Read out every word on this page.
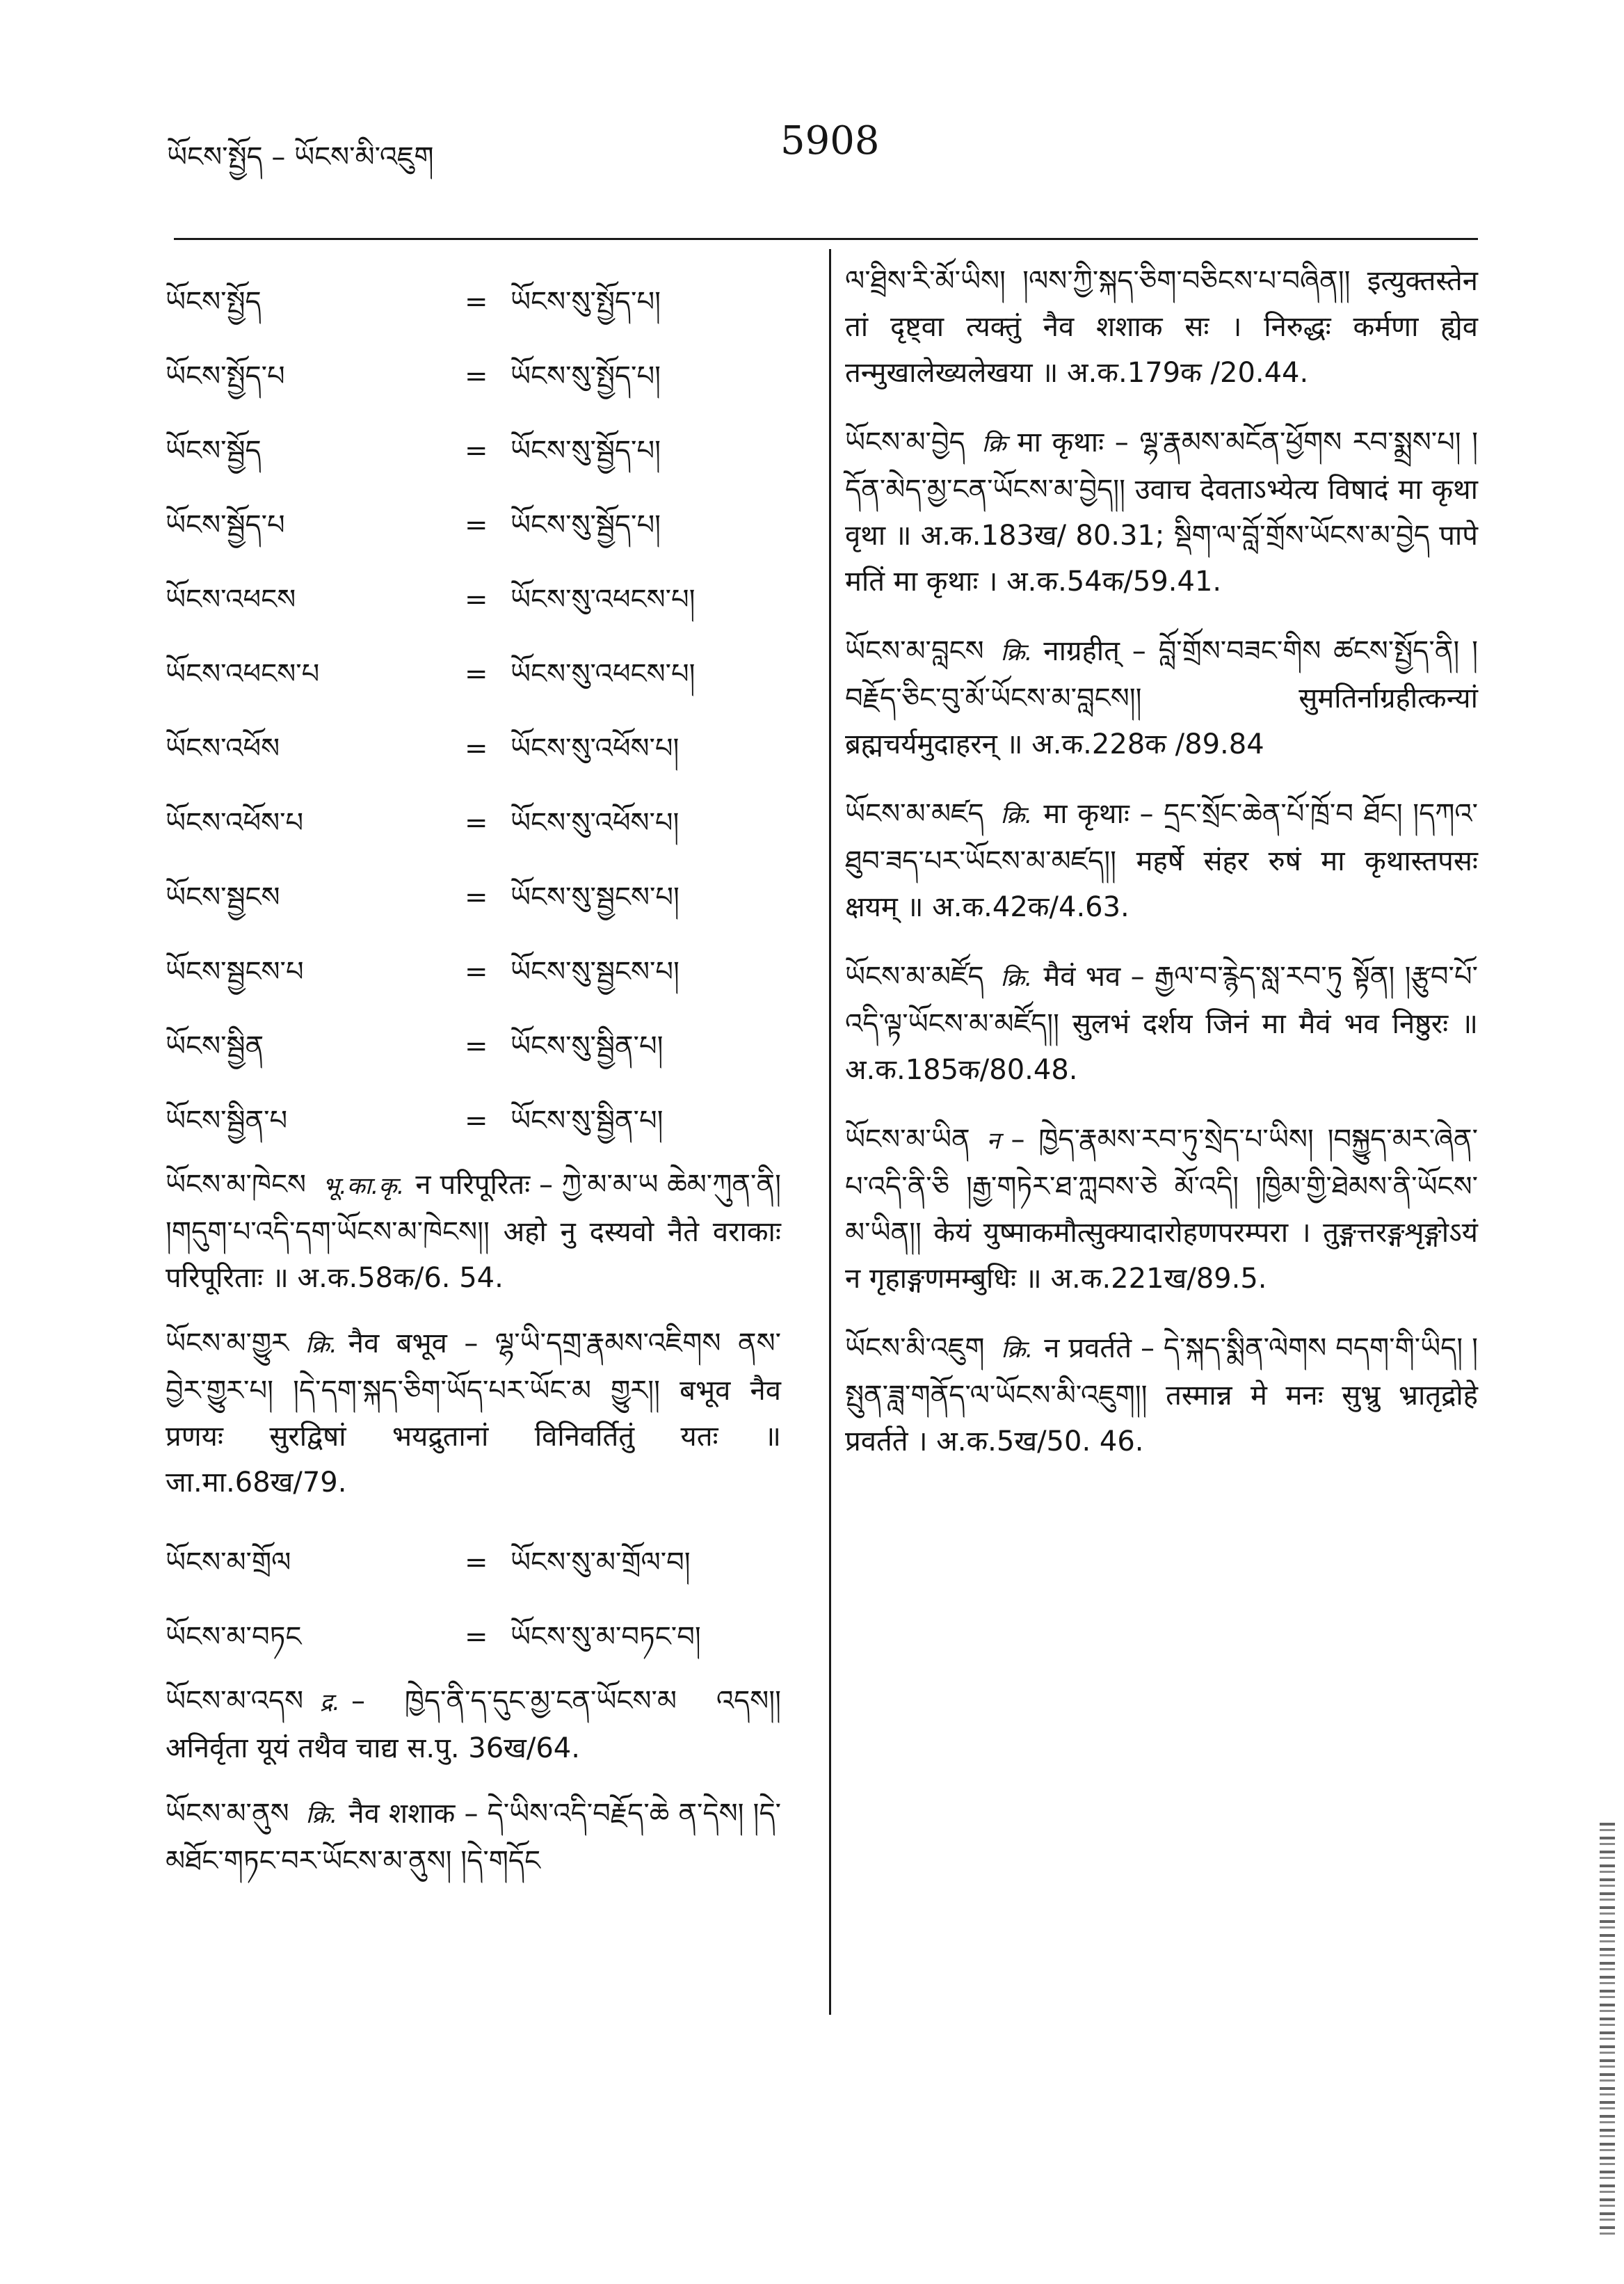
ཡོངས་སྤྱོད – ཡོངས་མི་འཇུག	5908
ཡོངས་སྤྱོད	= ཡོངས་སུ་སྤྱོད་པ།
ཡོངས་སྤྱོད་པ	= ཡོངས་སུ་སྤྱོད་པ།
ཡོངས་སྦྱོད	= ཡོངས་སུ་སྦྱོད་པ།
ཡོངས་སྦྱོད་པ	= ཡོངས་སུ་སྦྱོད་པ།
ཡོངས་འཕངས	= ཡོངས་སུ་འཕངས་པ།
ཡོངས་འཕངས་པ	= ཡོངས་སུ་འཕངས་པ།
ཡོངས་འཕོས	= ཡོངས་སུ་འཕོས་པ།
ཡོངས་འཕོས་པ	= ཡོངས་སུ་འཕོས་པ།
ཡོངས་སྦྱངས	= ཡོངས་སུ་སྦྱངས་པ།
ཡོངས་སྦྱངས་པ	= ཡོངས་སུ་སྦྱངས་པ།
ཡོངས་སྦྱིན	= ཡོངས་སུ་སྦྱིན་པ།
ཡོངས་སྦྱིན་པ	= ཡོངས་སུ་སྦྱིན་པ།
ཡོངས་མ་ཁེངས भू.का.कृ. न परिपूरितः – ཀྱེ་མ་མ་ཡ ཆེམ་ཀུན་ནི། །གདུག་པ་འདི་དག་ཡོངས་མ་ཁེངས།། अहो नु दस्यवो नैते वराकाः परिपूरिताः ॥ अ.क.58क/6. 54.
ཡོངས་མ་གྱུར क्रि. नैव बभूव – ལྷ་ཡི་དགྲ་རྣམས་འཇིགས ནས་བྱེར་གྱུར་པ། །དེ་དག་སྐད་ཅིག་ཡོད་པར་ཡོང་མ གྱུར།། बभूव नैव प्रणयः सुरद्विषां भयद्रुतानां विनिवर्तितुं यतः ॥ जा.मा.68ख/79.
ཡོངས་མ་གྲོལ	= ཡོངས་སུ་མ་གྲོལ་བ།
ཡོངས་མ་བཏང	= ཡོངས་སུ་མ་བཏང་བ།
ཡོངས་མ་འདས द्र. – ཁྱེད་ནི་ད་དུང་མྱ་ངན་ཡོངས་མ འདས།། अनिर्वृता यूयं तथैव चाद्य स.पु. 36ख/64.
ཡོངས་མ་ནུས क्रि. नैव शशाक – དེ་ཡིས་འདི་བརྗོད་ཆེ ན་དེས། །དེ་མཐོང་གཏང་བར་ཡོངས་མ་ནུས། །དེ་གདོང
ལ་ཐྲིས་རི་མོ་ཡིས། །ལས་ཀྱི་སྐད་ཅིག་བཅིངས་པ་བཞིན།། इत्युक्तस्तेन तां दृष्ट्वा त्यक्तुं नैव शशाक सः । निरुद्धः कर्मणा ह्येव तन्मुखालेख्यलेखया ॥ अ.क.179क /20.44.
ཡོངས་མ་བྱེད क्रि मा कृथाः – ལྷ་རྣམས་མངོན་ཕྱོགས རབ་སྨྲས་པ། །དོན་མེད་མྱ་ངན་ཡོངས་མ་བྱེད།། उवाच देवताऽभ्येत्य विषादं मा कृथा वृथा ॥ अ.क.183ख/ 80.31; སྡིག་ལ་བློ་གྲོས་ཡོངས་མ་བྱེད पापे मतिं मा कृथाः । अ.क.54क/59.41.
ཡོངས་མ་བླངས क्रि. नाग्रहीत् – བློ་གྲོས་བཟང་གིས ཚངས་སྤྱོད་ནི། །བརྗོད་ཅིང་བུ་མོ་ཡོངས་མ་བླངས།། सुमतिर्नाग्रहीत्कन्यां ब्रह्मचर्यमुदाहरन् ॥ अ.क.228क /89.84
ཡོངས་མ་མཛད क्रि. मा कृथाः – དྲང་སྲོང་ཆེན་པོ་ཁྲོ་བ ཐོང། །དཀའ་ཐུབ་ཟད་པར་ཡོངས་མ་མཛད།། महर्षे संहर रुषं मा कृथास्तपसः क्षयम् ॥ अ.क.42क/4.63.
ཡོངས་མ་མཛོད क्रि. मैवं भव – རྒྱལ་བ་རྙེད་སླ་རབ་ཏུ སྟོན། །རྩུབ་པོ་འདི་ལྟ་ཡོངས་མ་མཛོད།། सुलभं दर्शय जिनं मा मैवं भव निष्ठुरः ॥ अ.क.185क/80.48.
ཡོངས་མ་ཡིན न – ཁྱེད་རྣམས་རབ་ཏུ་སྲེད་པ་ཡིས། །བསྐྱུད་མར་ཞེན་པ་འདི་ནི་ཅི །རྒྱ་གཏེར་ཐ་ཀླབས་ཅེ མོ་འདི། །ཁྱིམ་གྱི་ཐེམས་ནི་ཡོངས་མ་ཡིན།། केयं युष्माकमौत्सुक्यादारोहणपरम्परा । तुङ्गत्तरङ्गशृङ्गोऽयं न गृहाङ्गणमम्बुधिः ॥ अ.क.221ख/89.5.
ཡོངས་མི་འཇུག क्रि. न प्रवर्तते – དེ་སྐད་སྨིན་ལེགས བདག་གི་ཡིད། །སྤུན་ཟླ་གནོད་ལ་ཡོངས་མི་འཇུག།། तस्मान्न मे मनः सुभ्रु भ्रातृद्रोहे प्रवर्तते । अ.क.5ख/50. 46.
